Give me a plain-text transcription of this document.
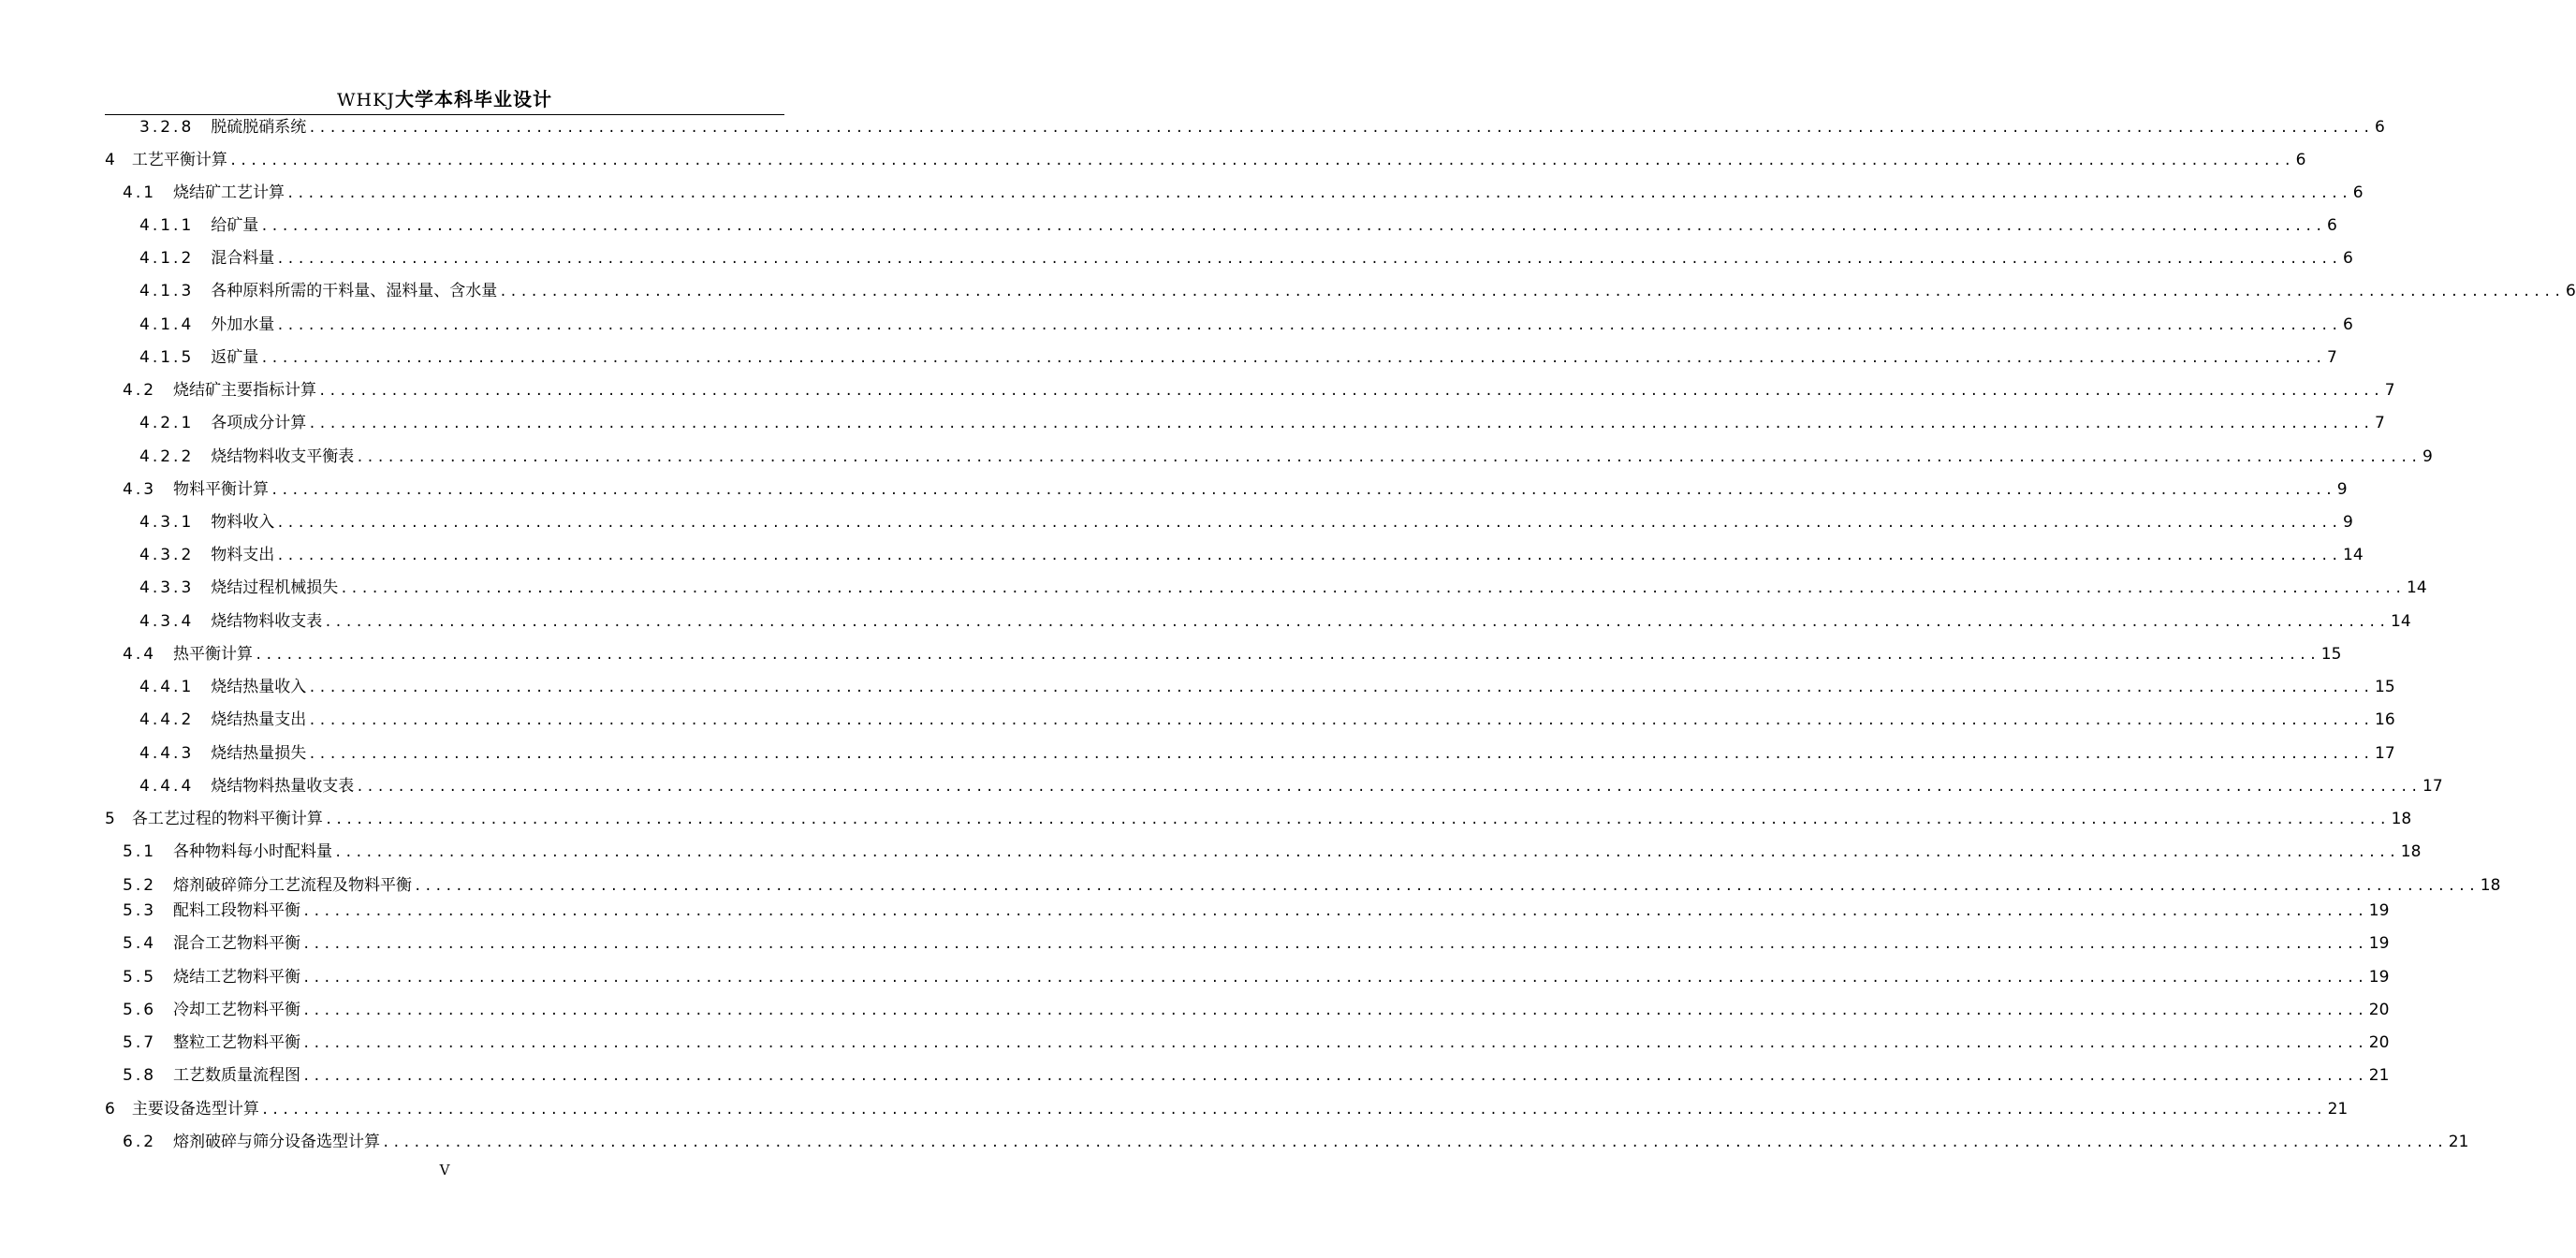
WHKJ大学本科毕业设计
3.2.8 脱硫脱硝系统 ........................................................................................................................................................................................................ 6
4 工艺平衡计算 ........................................................................................................................................................................................................ 6
4.1 烧结矿工艺计算 ........................................................................................................................................................................................................ 6
4.1.1 给矿量 ........................................................................................................................................................................................................ 6
4.1.2 混合料量 ........................................................................................................................................................................................................ 6
4.1.3 各种原料所需的干料量、湿料量、含水量 ........................................................................................................................................................................................................ 6
4.1.4 外加水量 ........................................................................................................................................................................................................ 6
4.1.5 返矿量 ........................................................................................................................................................................................................ 7
4.2 烧结矿主要指标计算 ........................................................................................................................................................................................................ 7
4.2.1 各项成分计算 ........................................................................................................................................................................................................ 7
4.2.2 烧结物料收支平衡表 ........................................................................................................................................................................................................ 9
4.3 物料平衡计算 ........................................................................................................................................................................................................ 9
4.3.1 物料收入 ........................................................................................................................................................................................................ 9
4.3.2 物料支出 ........................................................................................................................................................................................................ 14
4.3.3 烧结过程机械损失 ........................................................................................................................................................................................................ 14
4.3.4 烧结物料收支表 ........................................................................................................................................................................................................ 14
4.4 热平衡计算 ........................................................................................................................................................................................................ 15
4.4.1 烧结热量收入 ........................................................................................................................................................................................................ 15
4.4.2 烧结热量支出 ........................................................................................................................................................................................................ 16
4.4.3 烧结热量损失 ........................................................................................................................................................................................................ 17
4.4.4 烧结物料热量收支表 ........................................................................................................................................................................................................ 17
5 各工艺过程的物料平衡计算 ........................................................................................................................................................................................................ 18
5.1 各种物料每小时配料量 ........................................................................................................................................................................................................ 18
5.2 熔剂破碎筛分工艺流程及物料平衡 ........................................................................................................................................................................................................ 18
5.3 配料工段物料平衡 ........................................................................................................................................................................................................ 19
5.4 混合工艺物料平衡 ........................................................................................................................................................................................................ 19
5.5 烧结工艺物料平衡 ........................................................................................................................................................................................................ 19
5.6 冷却工艺物料平衡 ........................................................................................................................................................................................................ 20
5.7 整粒工艺物料平衡 ........................................................................................................................................................................................................ 20
5.8 工艺数质量流程图 ........................................................................................................................................................................................................ 21
6 主要设备选型计算 ........................................................................................................................................................................................................ 21
6.2 熔剂破碎与筛分设备选型计算 ........................................................................................................................................................................................................ 21
V
